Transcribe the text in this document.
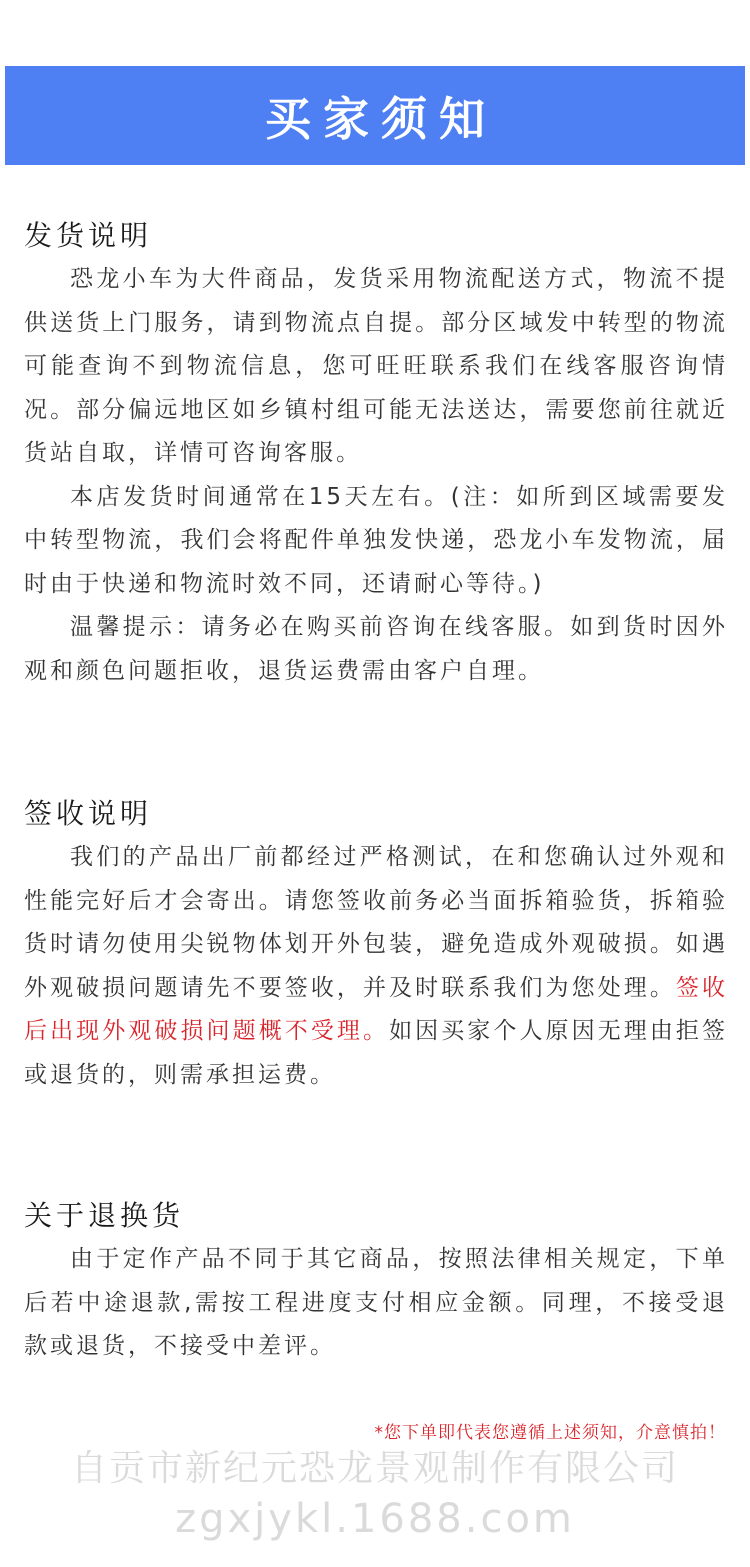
买家须知
发货说明

恐龙小车为大件商品，发货采用物流配送方式，物流不提供送货上门服务，请到物流点自提。部分区域发中转型的物流可能查询不到物流信息，您可旺旺联系我们在线客服咨询情况。部分偏远地区如乡镇村组可能无法送达，需要您前往就近货站自取，详情可咨询客服。

本店发货时间通常在15天左右。(注：如所到区域需要发中转型物流，我们会将配件单独发快递，恐龙小车发物流，届时由于快递和物流时效不同，还请耐心等待。)

温馨提示：请务必在购买前咨询在线客服。如到货时因外观和颜色问题拒收，退货运费需由客户自理。

签收说明

我们的产品出厂前都经过严格测试，在和您确认过外观和性能完好后才会寄出。请您签收前务必当面拆箱验货，拆箱验货时请勿使用尖锐物体划开外包装，避免造成外观破损。如遇外观破损问题请先不要签收，并及时联系我们为您处理。签收后出现外观破损问题概不受理。如因买家个人原因无理由拒签或退货的，则需承担运费。

关于退换货

由于定作产品不同于其它商品，按照法律相关规定，下单后若中途退款,需按工程进度支付相应金额。同理，不接受退款或退货，不接受中差评。

*您下单即代表您遵循上述须知，介意慎拍！
自贡市新纪元恐龙景观制作有限公司
zgxjykl.1688.com
